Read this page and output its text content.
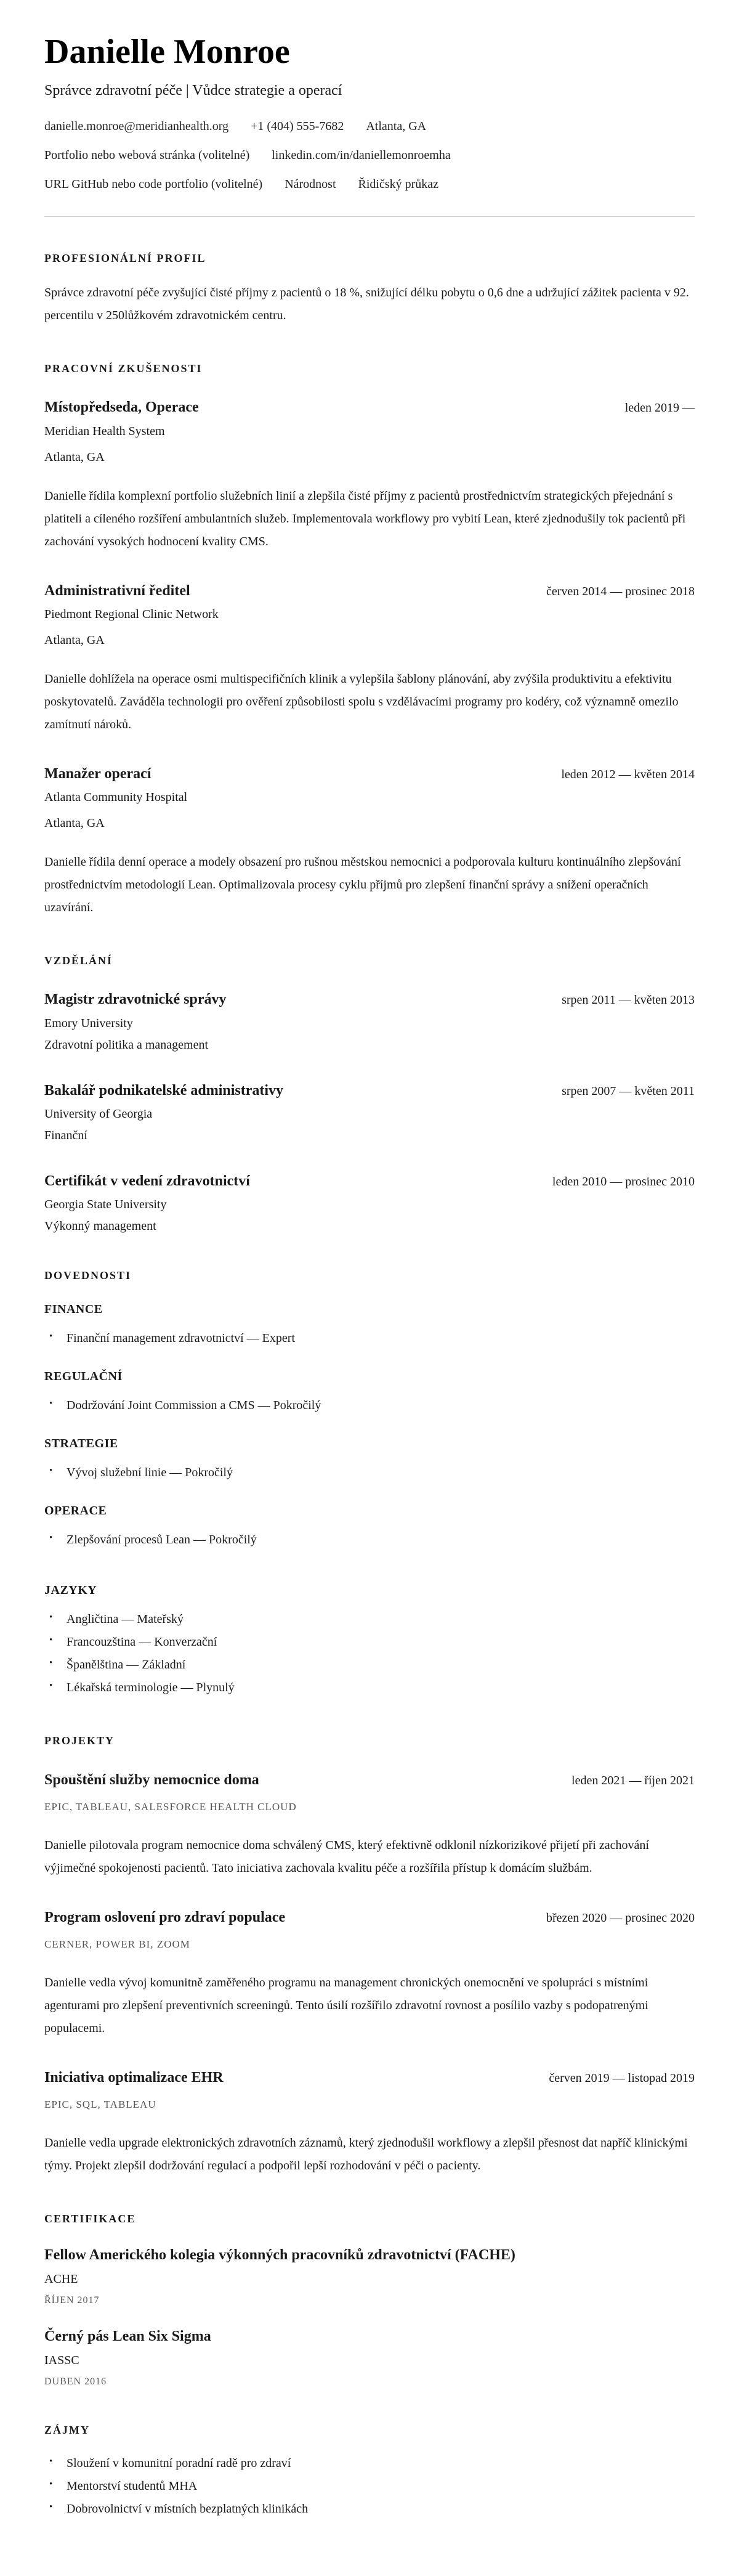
Danielle Monroe
Správce zdravotní péče | Vůdce strategie a operací
danielle.monroe@meridianhealth.org +1 (404) 555-7682 Atlanta, GA
Portfolio nebo webová stránka (volitelné) linkedin.com/in/daniellemonroemha
URL GitHub nebo code portfolio (volitelné) Národnost Řidičský průkaz
PROFESIONÁLNÍ PROFIL

Správce zdravotní péče zvyšující čisté příjmy z pacientů o 18 %, snižující délku pobytu o 0,6 dne a udržující zážitek pacienta v 92. percentilu v 250lůžkovém zdravotnickém centru.

PRACOVNÍ ZKUŠENOSTI
Místopředseda, Operace	leden 2019 —
Meridian Health System
Atlanta, GA

Danielle řídila komplexní portfolio služebních linií a zlepšila čisté příjmy z pacientů prostřednictvím strategických přejednání s platiteli a cíleného rozšíření ambulantních služeb. Implementovala workflowy pro vybití Lean, které zjednodušily tok pacientů při zachování vysokých hodnocení kvality CMS.

Administrativní ředitel	červen 2014 — prosinec 2018
Piedmont Regional Clinic Network
Atlanta, GA

Danielle dohlížela na operace osmi multispecifičních klinik a vylepšila šablony plánování, aby zvýšila produktivitu a efektivitu poskytovatelů. Zaváděla technologii pro ověření způsobilosti spolu s vzdělávacími programy pro kodéry, což významně omezilo zamítnutí nároků.

Manažer operací	leden 2012 — květen 2014
Atlanta Community Hospital
Atlanta, GA

Danielle řídila denní operace a modely obsazení pro rušnou městskou nemocnici a podporovala kulturu kontinuálního zlepšování prostřednictvím metodologií Lean. Optimalizovala procesy cyklu příjmů pro zlepšení finanční správy a snížení operačních uzavírání.

VZDĚLÁNÍ
Magistr zdravotnické správy	srpen 2011 — květen 2013
Emory University
Zdravotní politika a management
Bakalář podnikatelské administrativy	srpen 2007 — květen 2011
University of Georgia
Finanční
Certifikát v vedení zdravotnictví	leden 2010 — prosinec 2010
Georgia State University
Výkonný management
DOVEDNOSTI
FINANCE
• Finanční management zdravotnictví — Expert
REGULAČNÍ
• Dodržování Joint Commission a CMS — Pokročilý
STRATEGIE
• Vývoj služební linie — Pokročilý
OPERACE
• Zlepšování procesů Lean — Pokročilý
JAZYKY
• Angličtina — Mateřský
• Francouzština — Konverzační
• Španělština — Základní
• Lékařská terminologie — Plynulý
PROJEKTY
Spouštění služby nemocnice doma	leden 2021 — říjen 2021
EPIC, TABLEAU, SALESFORCE HEALTH CLOUD

Danielle pilotovala program nemocnice doma schválený CMS, který efektivně odklonil nízkorizikové přijetí při zachování výjimečné spokojenosti pacientů. Tato iniciativa zachovala kvalitu péče a rozšířila přístup k domácím službám.

Program oslovení pro zdraví populace	březen 2020 — prosinec 2020
CERNER, POWER BI, ZOOM

Danielle vedla vývoj komunitně zaměřeného programu na management chronických onemocnění ve spolupráci s místními agenturami pro zlepšení preventivních screeningů. Tento úsilí rozšířilo zdravotní rovnost a posílilo vazby s podopatrenými populacemi.

Iniciativa optimalizace EHR	červen 2019 — listopad 2019
EPIC, SQL, TABLEAU

Danielle vedla upgrade elektronických zdravotních záznamů, který zjednodušil workflowy a zlepšil přesnost dat napříč klinickými týmy. Projekt zlepšil dodržování regulací a podpořil lepší rozhodování v péči o pacienty.

CERTIFIKACE
Fellow Amerického kolegia výkonných pracovníků zdravotnictví (FACHE)
ACHE
ŘÍJEN 2017
Černý pás Lean Six Sigma
IASSC
DUBEN 2016
ZÁJMY
• Sloužení v komunitní poradní radě pro zdraví
• Mentorství studentů MHA
• Dobrovolnictví v místních bezplatných klinikách
